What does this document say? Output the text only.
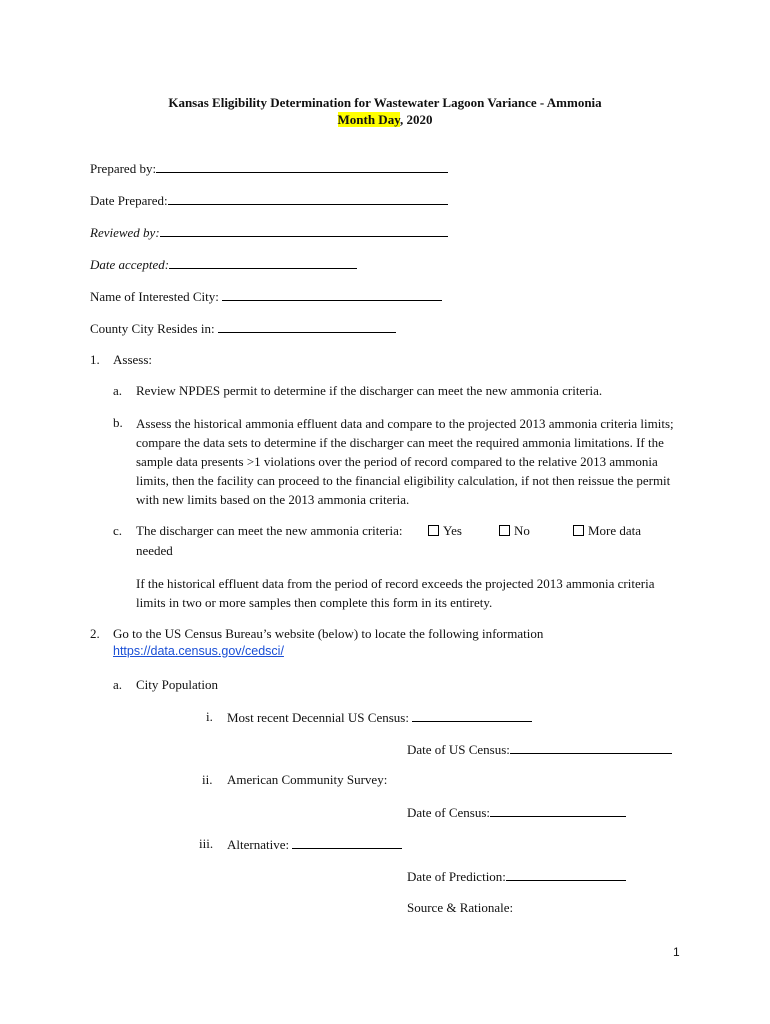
Kansas Eligibility Determination for Wastewater Lagoon Variance - Ammonia
Month Day, 2020
Prepared by:
Date Prepared:
Reviewed by:
Date accepted:
Name of Interested City:
County City Resides in:
1. Assess:
a. Review NPDES permit to determine if the discharger can meet the new ammonia criteria.
b. Assess the historical ammonia effluent data and compare to the projected 2013 ammonia criteria limits; compare the data sets to determine if the discharger can meet the required ammonia limitations. If the sample data presents >1 violations over the period of record compared to the relative 2013 ammonia limits, then the facility can proceed to the financial eligibility calculation, if not then reissue the permit with new limits based on the 2013 ammonia criteria.
c. The discharger can meet the new ammonia criteria:	Yes	No	More data
needed
If the historical effluent data from the period of record exceeds the projected 2013 ammonia criteria limits in two or more samples then complete this form in its entirety.
2. Go to the US Census Bureau’s website (below) to locate the following information
https://data.census.gov/cedsci/
a. City Population
i. Most recent Decennial US Census:
Date of US Census:
ii. American Community Survey:
Date of Census:
iii. Alternative:
Date of Prediction:
Source & Rationale:
1
